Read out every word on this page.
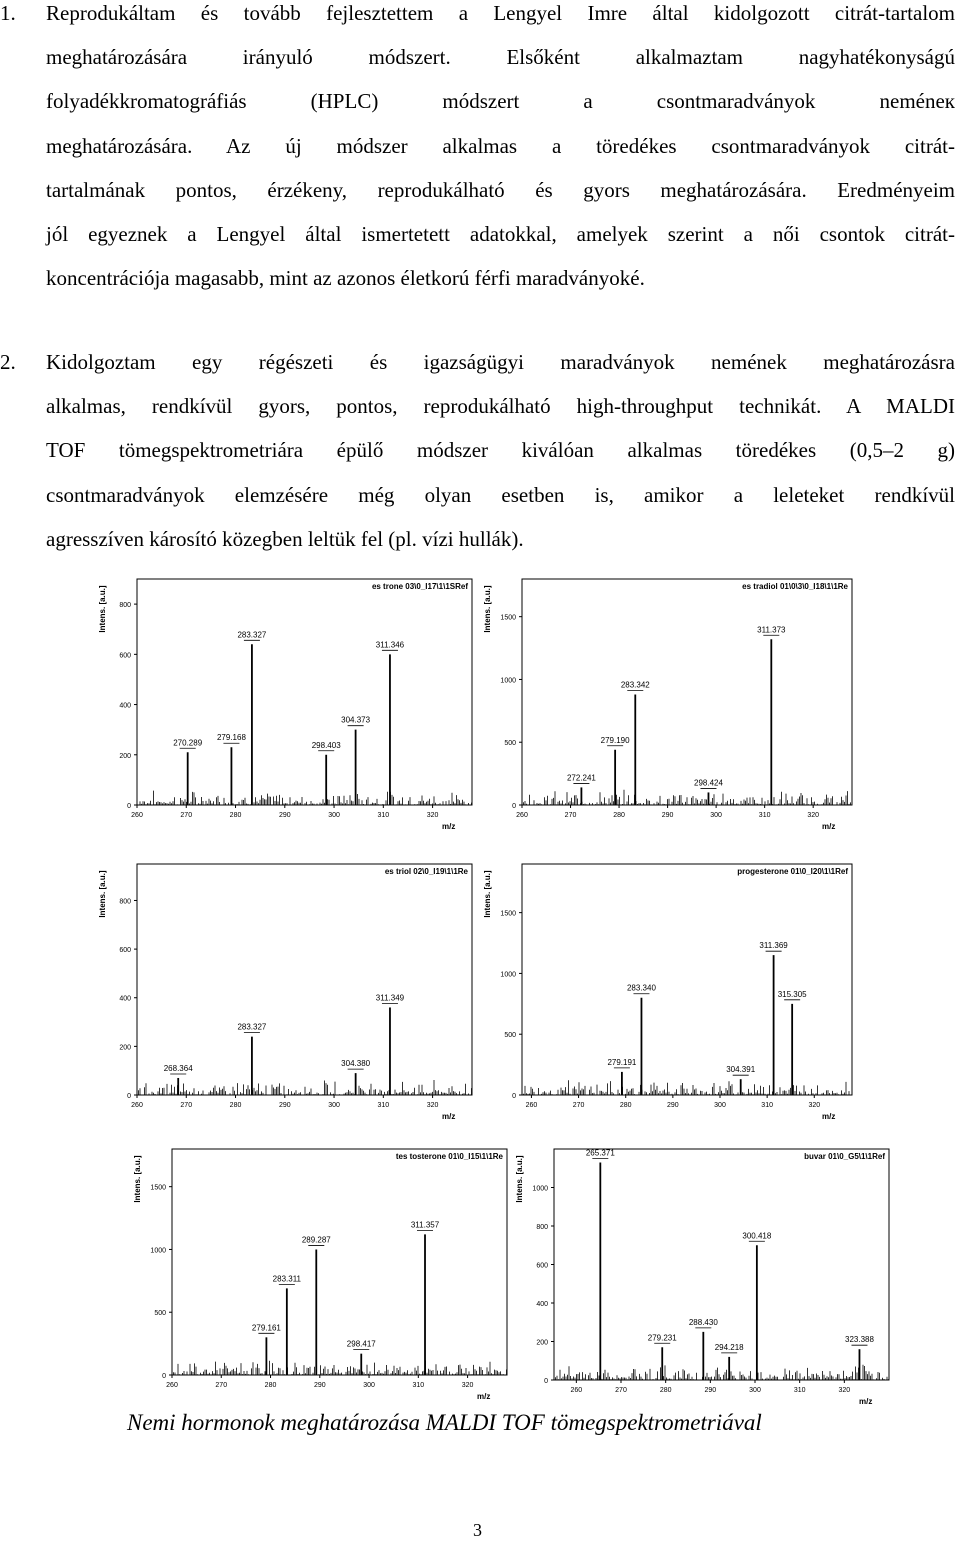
1. Reprodukáltam és tovább fejlesztettem a Lengyel Imre által kidolgozott citrát-tartalom
meghatározására irányuló módszert. Elsőként alkalmaztam nagyhatékonyságú
folyadékkromatográfiás (HPLC) módszert a csontmaradványok neméneк
meghatározására. Az új módszer alkalmas a töredékes csontmaradványok citrát-
tartalmának pontos, érzékeny, reprodukálható és gyors meghatározására. Eredményeim
jól egyeznek a Lengyel által ismertetett adatokkal, amelyek szerint a női csontok citrát-
koncentrációja magasabb, mint az azonos életkorú férfi maradványoké.
2. Kidolgoztam egy régészeti és igazságügyi maradványok nemének meghatározásra
alkalmas, rendkívül gyors, pontos, reprodukálható high-throughput technikát. A MALDI
TOF tömegspektrometriára épülő módszer kiválóan alkalmas töredékes (0,5–2 g)
csontmaradványok elemzésére még olyan esetben is, amikor a leleteket rendkívül
agresszíven károsító közegben leltük fel (pl. vízi hullák).
0
200
400
600
800
260	270	280	290	300	310	320
Intens. [a.u.]
m/z
es trone 03\0_I17\1\1SRef
270.289
279.168
283.327
298.403
304.373
311.346
0
500
1000
1500
260	270	280	290	300	310	320
Intens. [a.u.]
m/z
es tradiol 01\0\3\0_I18\1\1Re
272.241
279.190
283.342
298.424
311.373
0
200
400
600
800
260	270	280	290	300	310	320
Intens. [a.u.]
m/z
es triol 02\0_I19\1\1Re
268.364
283.327
304.380
311.349
0
500
1000
1500
260	270	280	290	300	310	320
Intens. [a.u.]
m/z
progesterone 01\0_I20\1\1Ref
279.191
283.340
304.391
311.369
315.305
0
500
1000
1500
260	270	280	290	300	310	320
Intens. [a.u.]
m/z
tes tosterone 01\0_I15\1\1Re
279.161
283.311
289.287
298.417
311.357
0
200
400
600
800
1000
260	270	280	290	300	310	320
Intens. [a.u.]
m/z
buvar 01\0_G5\1\1Ref
265.371
279.231
288.430
294.218
300.418
323.388
Nemi hormonok meghatározása MALDI TOF tömegspektrometriával
3
